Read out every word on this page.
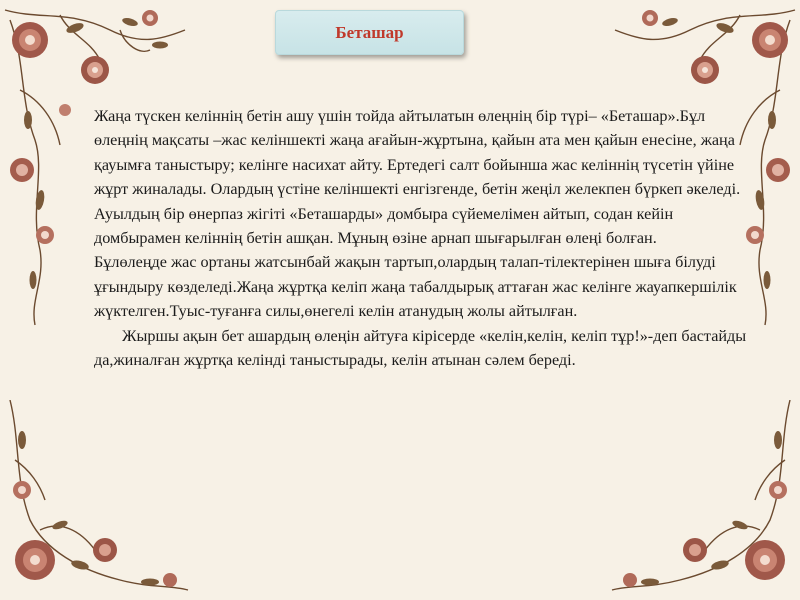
Беташар

Жаңа түскен келіннің бетін ашу үшін тойда айтылатын өлеңнің бір түрі– «Беташар».Бұл өлеңнің мақсаты –жас келіншекті жаңа ағайын-жұртына, қайын ата мен қайын енесіне, жаңа қауымға таныстыру; келінге насихат айту. Ертедегі салт бойынша жас келіннің түсетін үйіне жұрт жиналады. Олардың үстіне келіншекті енгізгенде, бетін жеңіл желекпен бүркеп әкеледі. Ауылдың бір өнерпаз жігіті «Беташарды» домбыра сүйемелімен айтып, содан кейін домбырамен келіннің бетін ашқан. Мұның өзіне арнап шығарылған өлеңі болған.

Бұлөлеңде жас ортаны жатсынбай жақын тартып,олардың талап-тілектерінен шыға білуді ұғындыру көзделеді.Жаңа жұртқа келіп жаңа табалдырық аттаған жас келінге жауапкершілік жүктелген.Туыс-туғанға силы,өнегелі келін атанудың жолы айтылған.

Жыршы ақын бет ашардың өлеңін айтуға кірісерде «келін,келін, келіп тұр!»-деп бастайды да,жиналған жұртқа келінді таныстырады, келін атынан сәлем береді.
